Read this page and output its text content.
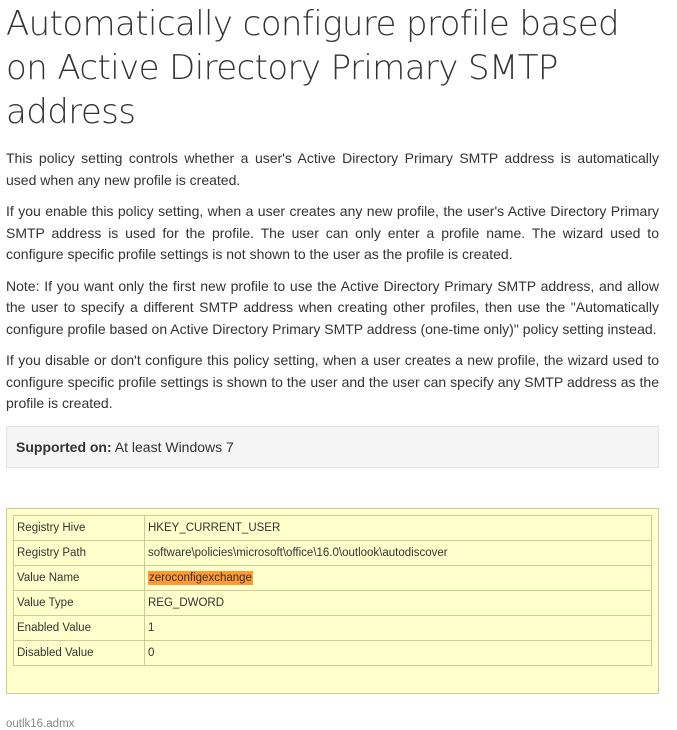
Automatically configure profile based on Active Directory Primary SMTP address

This policy setting controls whether a user's Active Directory Primary SMTP address is automatically used when any new profile is created.

If you enable this policy setting, when a user creates any new profile, the user's Active Directory Primary SMTP address is used for the profile. The user can only enter a profile name. The wizard used to configure specific profile settings is not shown to the user as the profile is created.

Note: If you want only the first new profile to use the Active Directory Primary SMTP address, and allow the user to specify a different SMTP address when creating other profiles, then use the "Automatically configure profile based on Active Directory Primary SMTP address (one-time only)" policy setting instead.

If you disable or don't configure this policy setting, when a user creates a new profile, the wizard used to configure specific profile settings is shown to the user and the user can specify any SMTP address as the profile is created.

Supported on: At least Windows 7
Registry Hive	HKEY_CURRENT_USER
Registry Path	software\policies\microsoft\office\16.0\outlook\autodiscover
Value Name	zeroconfigexchange
Value Type	REG_DWORD
Enabled Value	1
Disabled Value	0
outlk16.admx
